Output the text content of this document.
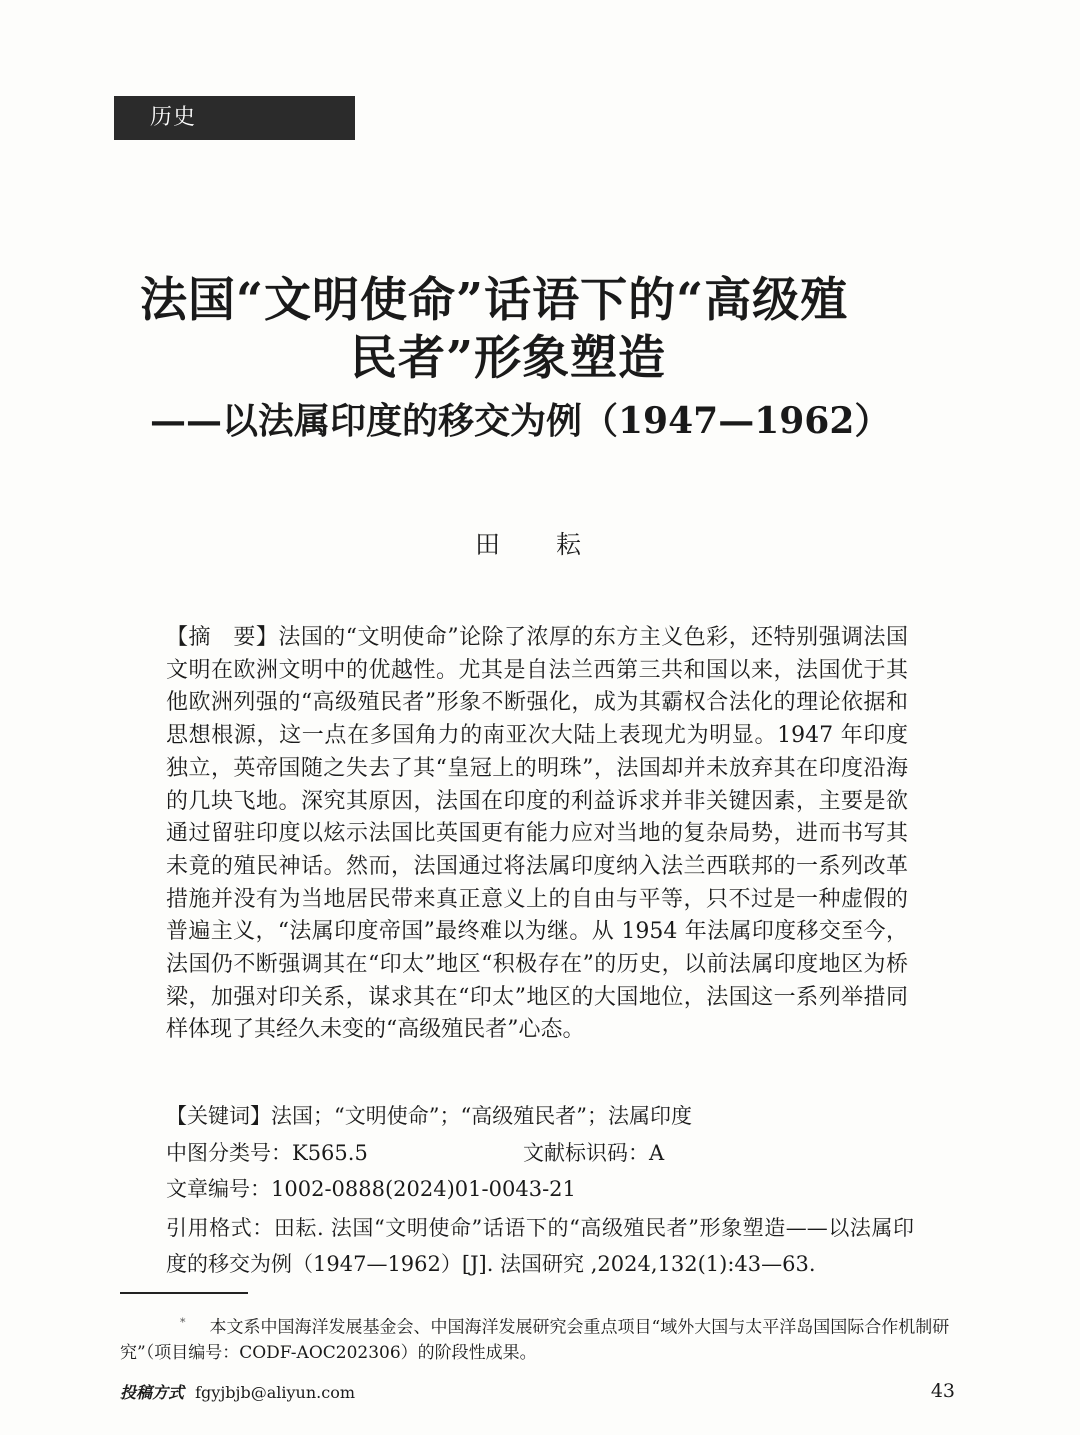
历史
法国“文明使命”话语下的“高级殖
民者”形象塑造
——以法属印度的移交为例（1947—1962）
田 耘
【摘　要】法国的“文明使命”论除了浓厚的东方主义色彩，还特别强调法国文明在欧洲文明中的优越性。尤其是自法兰西第三共和国以来，法国优于其他欧洲列强的“高级殖民者”形象不断强化，成为其霸权合法化的理论依据和思想根源，这一点在多国角力的南亚次大陆上表现尤为明显。1947 年印度独立，英帝国随之失去了其“皇冠上的明珠”，法国却并未放弃其在印度沿海的几块飞地。深究其原因，法国在印度的利益诉求并非关键因素，主要是欲通过留驻印度以炫示法国比英国更有能力应对当地的复杂局势，进而书写其未竟的殖民神话。然而，法国通过将法属印度纳入法兰西联邦的一系列改革措施并没有为当地居民带来真正意义上的自由与平等，只不过是一种虚假的普遍主义，“法属印度帝国”最终难以为继。从 1954 年法属印度移交至今，法国仍不断强调其在“印太”地区“积极存在”的历史，以前法属印度地区为桥梁，加强对印关系，谋求其在“印太”地区的大国地位，法国这一系列举措同样体现了其经久未变的“高级殖民者”心态。
【关键词】法国；“文明使命”；“高级殖民者”；法属印度
中图分类号：K565.5	文献标识码：A
文章编号：1002-0888(2024)01-0043-21
引用格式：田耘. 法国“文明使命”话语下的“高级殖民者”形象塑造——以法属印度的移交为例（1947—1962）[J]. 法国研究 ,2024,132(1):43—63.
* 本文系中国海洋发展基金会、中国海洋发展研究会重点项目“域外大国与太平洋岛国国际合作机制研究”（项目编号：CODF-AOC202306）的阶段性成果。
投稿方式 fgyjbjb@aliyun.com	43
